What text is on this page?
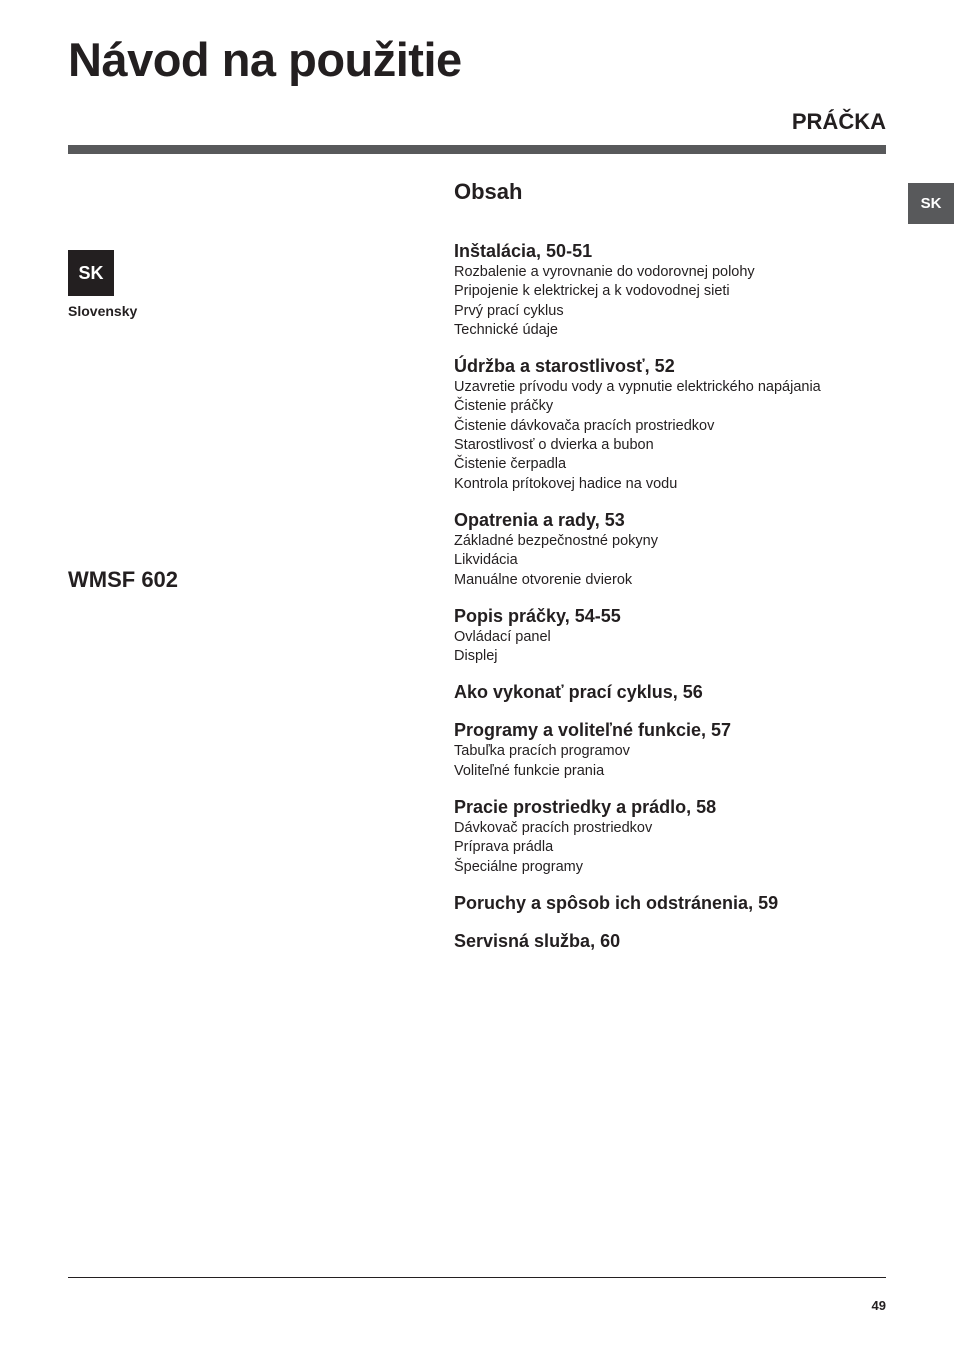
Návod na použitie
PRÁČKA
SK
SK
Slovensky
WMSF 602
Obsah
Inštalácia, 50-51
Rozbalenie a vyrovnanie do vodorovnej polohy
Pripojenie k elektrickej a k vodovodnej sieti
Prvý prací cyklus
Technické údaje
Údržba a starostlivosť, 52
Uzavretie prívodu vody a vypnutie elektrického napájania
Čistenie práčky
Čistenie dávkovača pracích prostriedkov
Starostlivosť o dvierka a bubon
Čistenie čerpadla
Kontrola prítokovej hadice na vodu
Opatrenia a rady, 53
Základné bezpečnostné pokyny
Likvidácia
Manuálne otvorenie dvierok
Popis práčky, 54-55
Ovládací panel
Displej
Ako vykonať prací cyklus, 56
Programy a voliteľné funkcie, 57
Tabuľka pracích programov
Voliteľné funkcie prania
Pracie prostriedky a prádlo, 58
Dávkovač pracích prostriedkov
Príprava prádla
Špeciálne programy
Poruchy a spôsob ich odstránenia, 59
Servisná služba, 60
49
